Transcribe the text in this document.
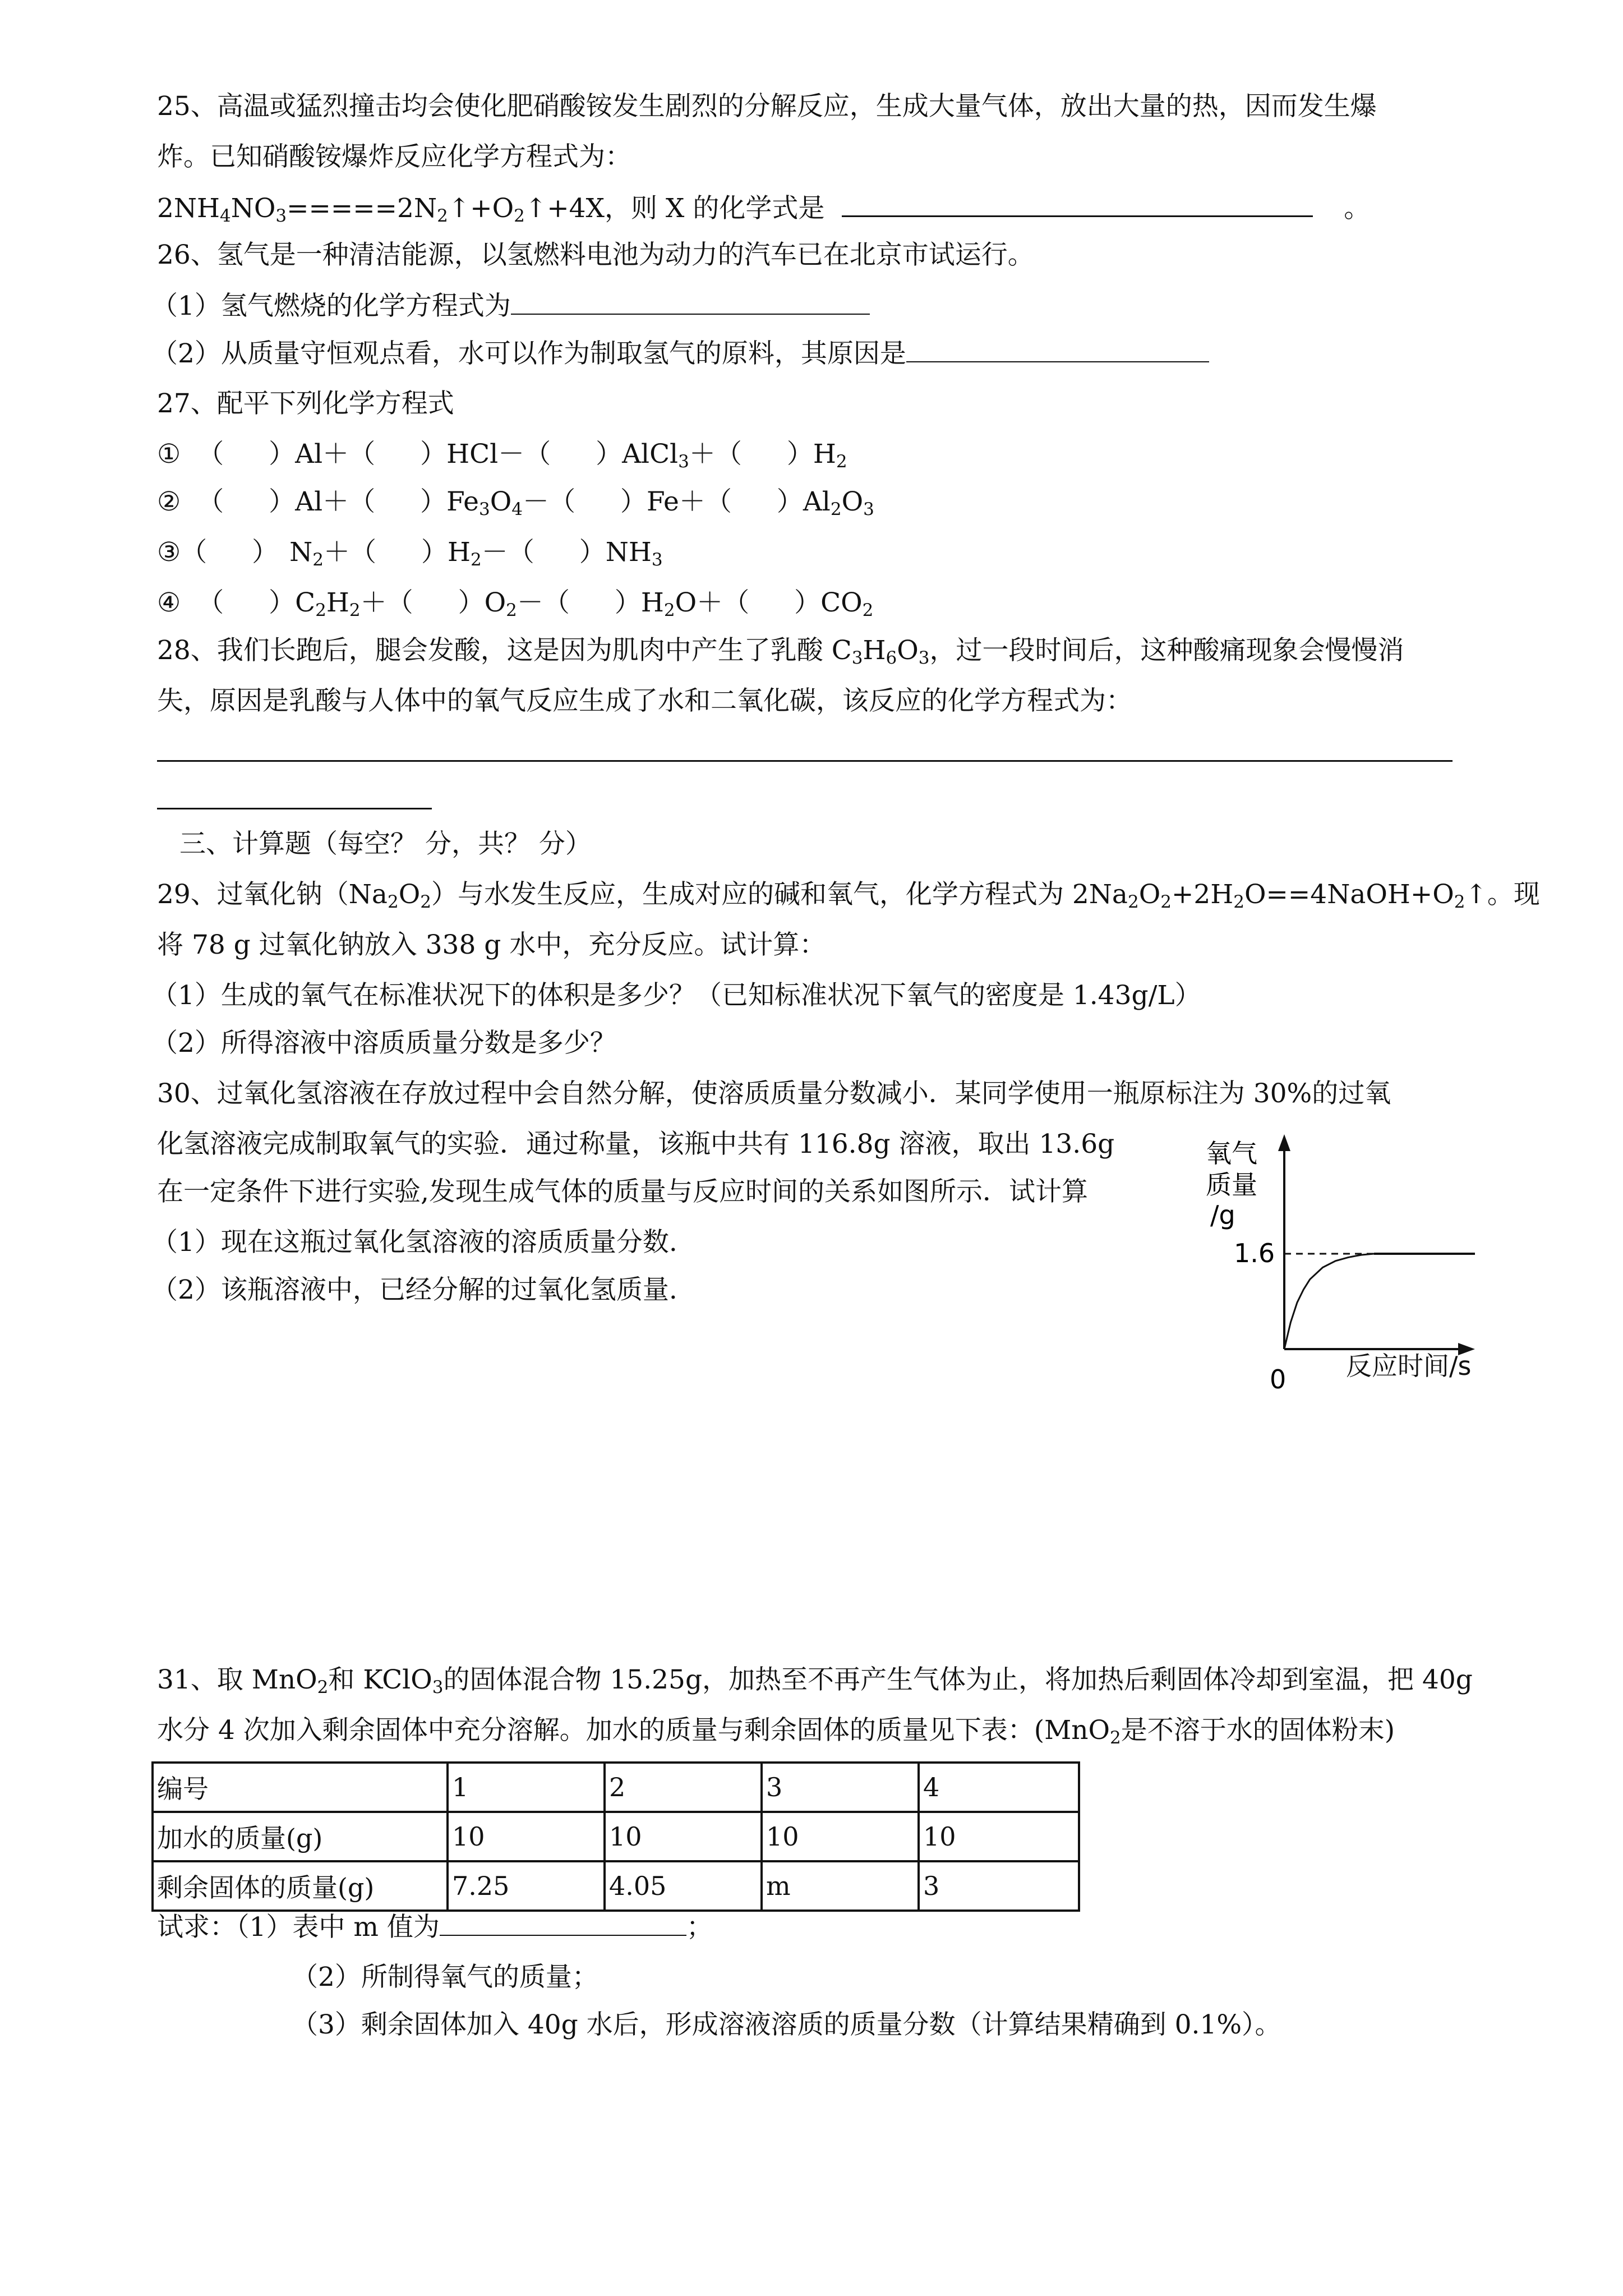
25、高温或猛烈撞击均会使化肥硝酸铵发生剧烈的分解反应，生成大量气体，放出大量的热，因而发生爆
炸。已知硝酸铵爆炸反应化学方程式为：
$2NH_4NO_3=====2N_2↑+O_2↑+4X$，则 X 的化学式是	。
26、氢气是一种清洁能源，以氢燃料电池为动力的汽车已在北京市试运行。
（1）氢气燃烧的化学方程式为
（2）从质量守恒观点看，水可以作为制取氢气的原料，其原因是
27、配平下列化学方程式
① （ ）Al＋（ ）HCl－（ ）AlCl$_3$＋（ ）$H_2$
② （ ）Al＋（ ）$Fe_3O_4-$（ ）Fe＋（ ）$Al_2O_3$
③（ ） $N_2+$（ ）$H_2-$（ ）$NH_3$
④ （ ）$C_2H_2+$（ ）$O_2-$（ ）$H_2O+$（ ）$CO_2$
28、我们长跑后，腿会发酸，这是因为肌肉中产生了乳酸 $C_3H_6O_3$，过一段时间后，这种酸痛现象会慢慢消
失，原因是乳酸与人体中的氧气反应生成了水和二氧化碳，该反应的化学方程式为：
三、计算题（每空？ 分，共？ 分）
29、过氧化钠$(Na_2O_2)$与水发生反应，生成对应的碱和氧气，化学方程式为 $2Na_2O_2+2H_2O==4NaOH+O_2↑$。现
将 78 g 过氧化钠放入 338 g 水中，充分反应。试计算：
（1）生成的氧气在标准状况下的体积是多少？（已知标准状况下氧气的密度是 1.43g/L）
（2）所得溶液中溶质质量分数是多少？
30、过氧化氢溶液在存放过程中会自然分解，使溶质质量分数减小．某同学使用一瓶原标注为 30%的过氧
化氢溶液完成制取氧气的实验．通过称量，该瓶中共有 116.8g 溶液，取出 13.6g
在一定条件下进行实验,发现生成气体的质量与反应时间的关系如图所示．试计算
（1）现在这瓶过氧化氢溶液的溶质质量分数.
（2）该瓶溶液中，已经分解的过氧化氢质量.
氧气
质量
/g
1.6
0 反应时间/s
31、取 MnO$_2$和 KClO$_3$的固体混合物 15.25g，加热至不再产生气体为止，将加热后剩固体冷却到室温，把 40g
水分 4 次加入剩余固体中充分溶解。加水的质量与剩余固体的质量见下表：(MnO$_2$是不溶于水的固体粉末)
编号	1	2	3	4
加水的质量(g)	10	10	10	10
剩余固体的质量(g)	7.25	4.05	m	3
试求：（1）表中 m 值为	；
（2）所制得氧气的质量；
（3）剩余固体加入 40g 水后，形成溶液溶质的质量分数（计算结果精确到 0.1%）。
